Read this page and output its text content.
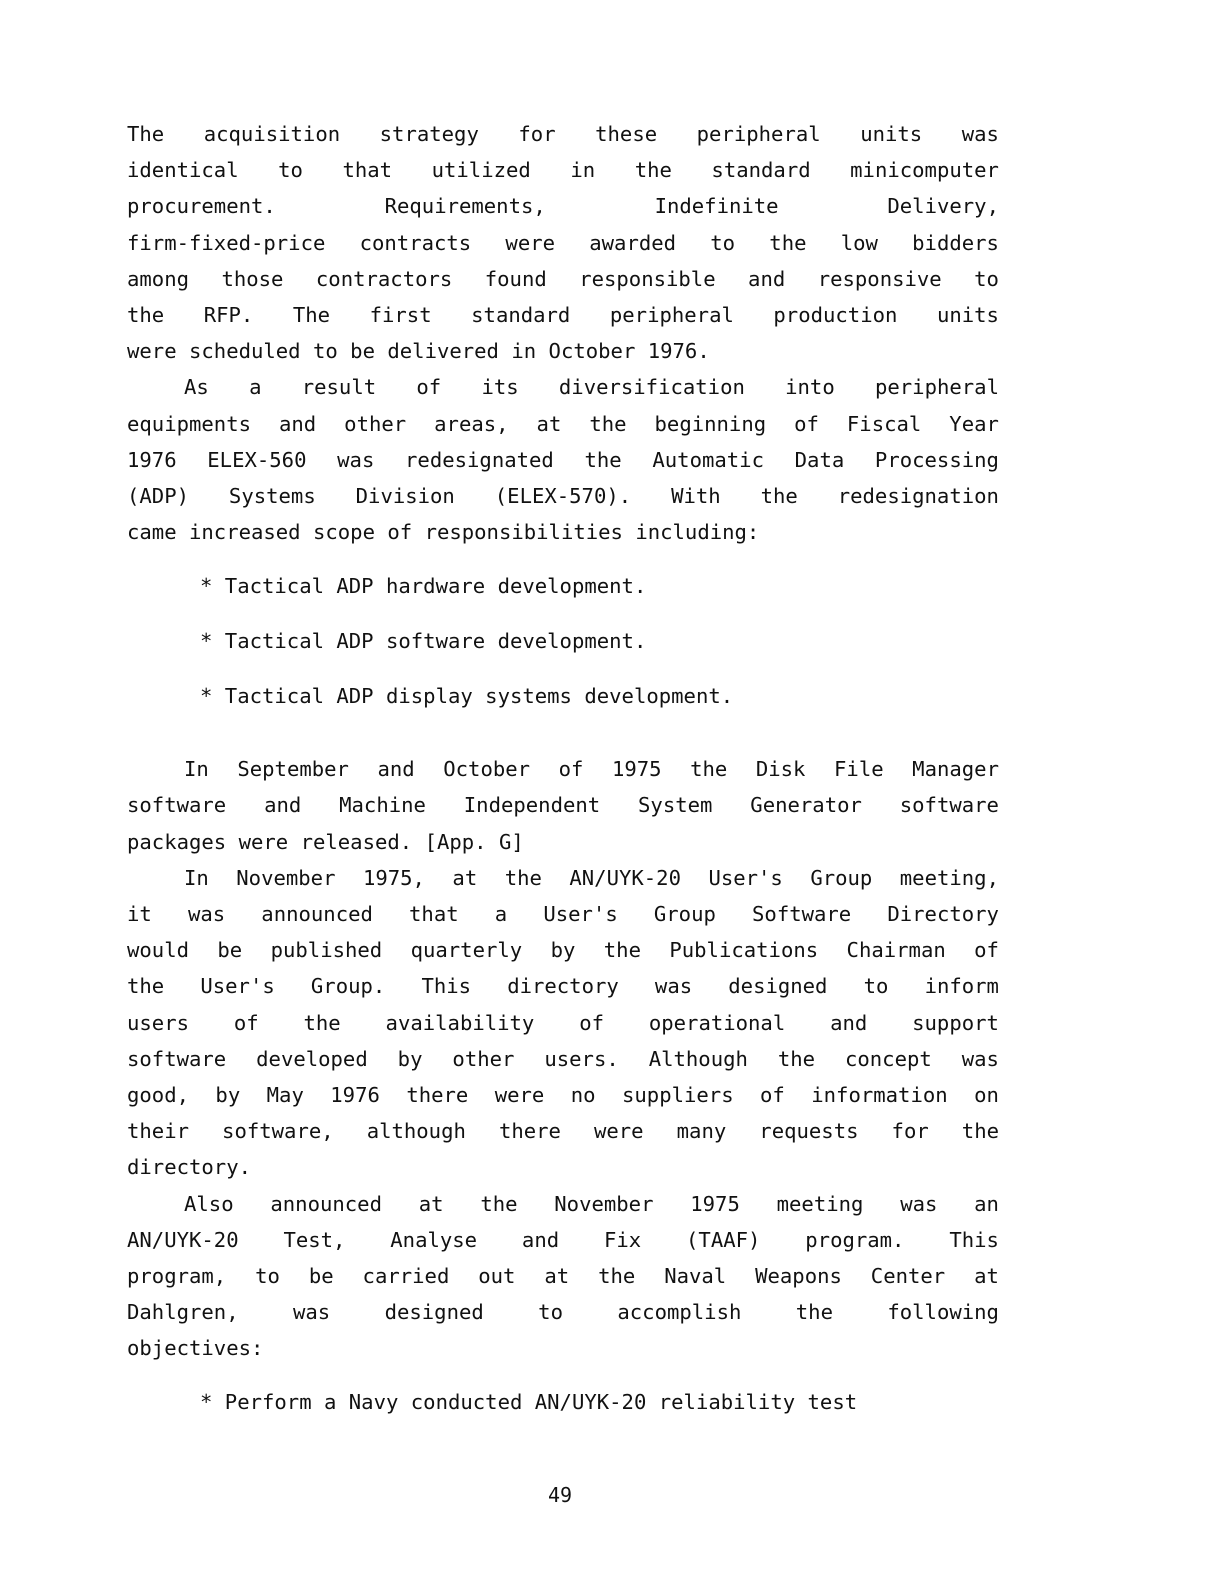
The acquisition strategy for these peripheral units was
identical to that utilized in the standard minicomputer
procurement.	Requirements,	Indefinite	Delivery,
firm-fixed-price contracts were awarded to the low bidders
among those contractors found responsible and responsive to
the RFP. The first standard peripheral production units
were scheduled to be delivered in October 1976.
As a result of its diversification into peripheral
equipments and other areas, at the beginning of Fiscal Year
1976 ELEX-560 was redesignated the Automatic Data Processing
(ADP) Systems Division (ELEX-570). With the redesignation
came increased scope of responsibilities including:
* Tactical ADP hardware development.
* Tactical ADP software development.
* Tactical ADP display systems development.
In September and October of 1975 the Disk File Manager
software and Machine Independent System Generator software
packages were released. [App. G]
In November 1975, at the AN/UYK-20 User's Group meeting,
it was announced that a User's Group Software Directory
would be published quarterly by the Publications Chairman of
the User's Group. This directory was designed to inform
users of the availability of operational and support
software developed by other users. Although the concept was
good, by May 1976 there were no suppliers of information on
their software, although there were many requests for the
directory.
Also announced at the November 1975 meeting was an
AN/UYK-20 Test, Analyse and Fix (TAAF) program. This
program, to be carried out at the Naval Weapons Center at
Dahlgren,	was	designed	to	accomplish	the	following
objectives:
* Perform a Navy conducted AN/UYK-20 reliability test
49
